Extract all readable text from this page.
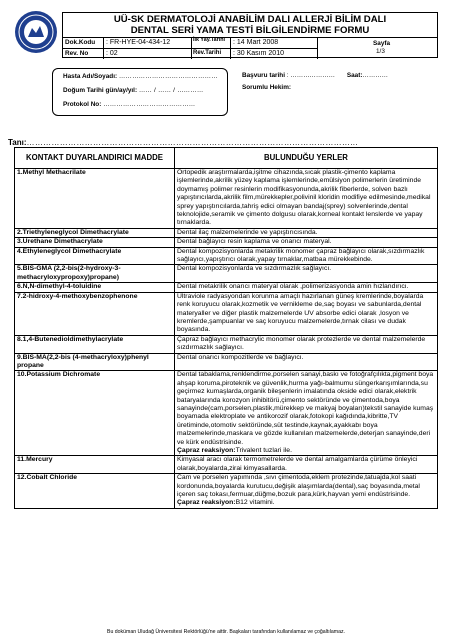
UÜ-SK DERMATOLOJİ ANABİLİM DALI ALLERJİ BİLİM DALI
DENTAL SERİ YAMA TESTİ BİLGİLENDİRME FORMU
Dok.Kodu : FR-HYE-04-434-12
Rev. No	: 02
İlk Yay.Tarihi	: 14 Mart 2008
Rev.Tarihi : 30 Kasım 2010
Sayfa
1/3
Hasta Adı/Soyadı: ………………………………………
Doğum Tarihi gün/ay/yıl: …… / …… / …………
Protokol No: ……………………………………
Başvuru tarihi : ………………… Saat:…………
Sorumlu Hekim:
Tanı:………………………………………………………………………………………………………...
KONTAKT DUYARLANDIRICI MADDE	BULUNDUĞU YERLER
1.Methyl Methacrilate	Ortopedik araştırmalarda,işitme cihazında,sıcak plastik-çimento kaplama işlemlerinde,akrilik yüzey kaplama işlemlerinde,emülsiyon polimerlerin üretiminde doymamış polimer resinlerin modifikasyonunda,akrilik fiberlerde, solven bazlı yapıştırıcılarda,akrilik film,mürekkepler,polivinil kloridin modifiye edilmesinde,medikal sprey yapıştırıcılarda,tahriş edici olmayan bandaj(sprey) solvenlerinde,dental teknolojide,seramik ve çimento dolgusu olarak,korneal kontakt lenslerde ve yapay tırnaklarda.
2.Triethyleneglycol Dimethacrylate	Dental ilaç malzemelerinde ve yapıştırıcısında.
3.Urethane Dimethacrylate	Dental bağlayıcı resin kaplama ve onarıcı materyal.
4.Ethyleneglycol Dimethacrylate	Dental kompozisyonlarda metakrilik monomer çapraz bağlayıcı olarak,sızdırmazlık sağlayıcı,yapıştırıcı olarak,yapay tırnaklar,matbaa mürekkebinde.
5.BIS-GMA (2,2-bis(2-hydroxy-3-methacryloxypropoxy)propane)	Dental kompozisyonlarda ve sızdırmazlık sağlayıcı.
6.N,N-dimethyl-4-toluidine	Dental metakrilik onarıcı materyal olarak ,polimerizasyonda amin hızlandırıcı.
7.2-hidroxy-4-methoxybenzophenone	Ultraviole radyasyondan korunma amaçlı hazırlanan güneş kremlerinde,boyalarda renk koruyucu olarak,kozmetik ve vernikleme de,saç boyası ve sabunlarda,dental materyaller ve diğer plastik malzemelerde UV absorbe edici olarak ,losyon ve kremlerde,şampuanlar ve saç koruyucu malzemelerde,tırnak cilası ve dudak boyasında.
8.1,4-Butenedioldimethylacrylate	Çapraz bağlayıcı methacrylic monomer olarak protezlerde ve dental malzemelerde sızdırmazlık sağlayıcı.
9.BIS-MA(2,2-bis (4-methacryloxy)phenyl propane	Dental onarıcı kompozitlerde ve bağlayıcı.
10.Potassium Dichromate	Dental tabaklama,renklendirme,porselen sanayi,baskı ve fotoğrafçılıkta,pigment boya ahşap koruma,piroteknik ve güvenlik,hurma yağı-balmumu süngerkarışımlarında,su geçirmez kumaşlarda,organik bileşenlerin imalatında okside edici olarak,elektrik bataryalarında korozyon inhibitörü,çimento sektöründe ve çimentoda,boya sanayinde(cam,porselen,plastik,mürekkep ve makyaj boyaları)tekstil sanayide kumaş boyamada elektroplate ve antikorozif olarak,fotokopi kağıdında,kibritte,TV üretiminde,otomotiv sektöründe,süt testinde,kaynak,ayakkabı boya malzemelerinde,maskara ve gözde kullanılan malzemelerde,deterjan sanayinde,deri ve kürk endüstrisinde.
Çapraz reaksiyon:Trivalent tuzlari ile.
11.Mercury	Kimyasal aracı olarak termometrelerde ve dental amalgamlarda çürüme önleyici olarak,boyalarda,zirai kimyasallarda.
12.Cobalt Chloride	Cam ve porselen yapımında ,sıvı çimentoda,eklem protezinde,tatuajda,kol saati kordonunda,boyalarda kurutucu,değişik alaşımlarda(dental),saç boyasında,metal içeren saç tokası,fermuar,düğme,bozuk para,kürk,hayvan yemi endüstrisinde.
Çapraz reaksiyon:B12 vitamini.
Bu doküman Uludağ Üniversitesi Rektörlüğü'ne aittir. Başkaları tarafından kullanılamaz ve çoğaltılamaz.
